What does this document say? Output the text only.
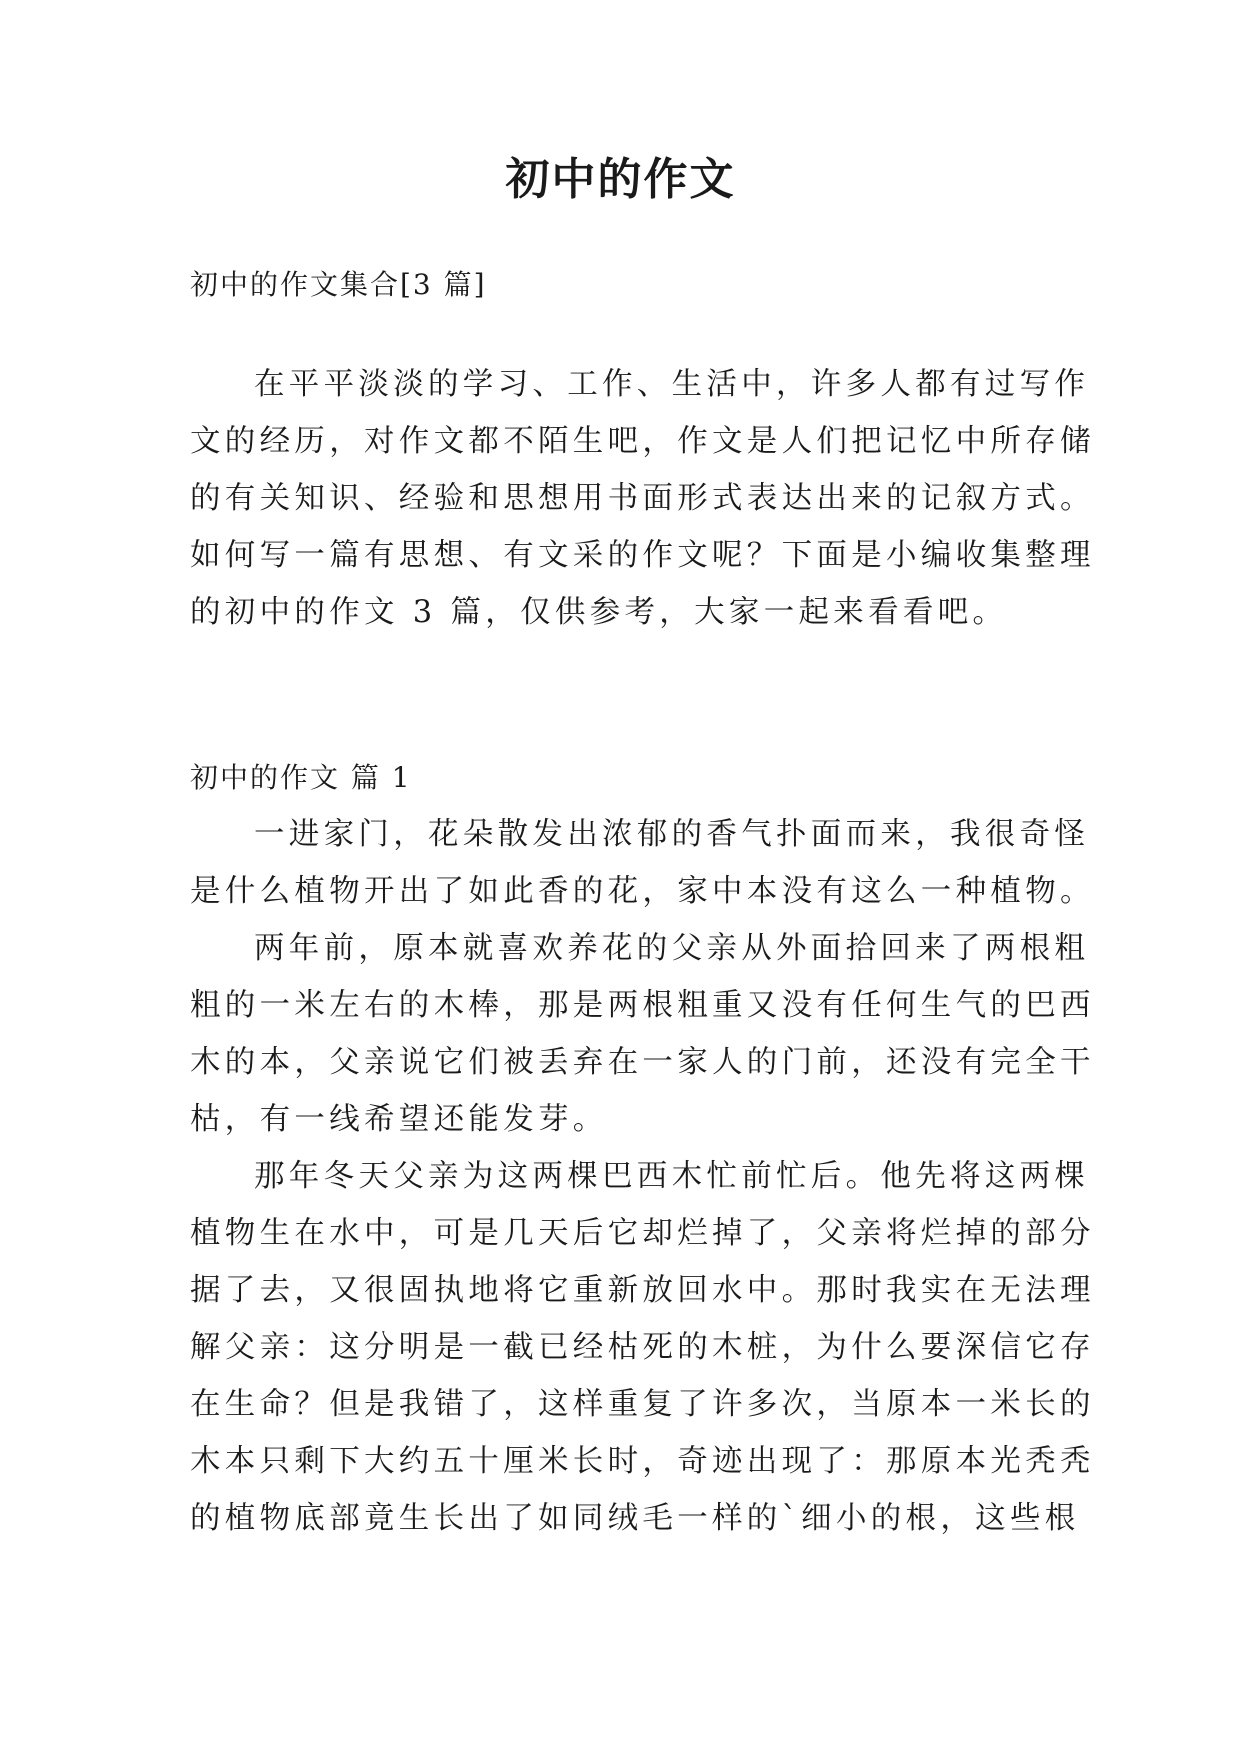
初中的作文
初中的作文集合[3 篇]
在平平淡淡的学习、工作、生活中，许多人都有过写作
文的经历，对作文都不陌生吧，作文是人们把记忆中所存储
的有关知识、经验和思想用书面形式表达出来的记叙方式。
如何写一篇有思想、有文采的作文呢？下面是小编收集整理
的初中的作文 3 篇，仅供参考，大家一起来看看吧。
初中的作文 篇 1
一进家门，花朵散发出浓郁的香气扑面而来，我很奇怪
是什么植物开出了如此香的花，家中本没有这么一种植物。
两年前，原本就喜欢养花的父亲从外面拾回来了两根粗
粗的一米左右的木棒，那是两根粗重又没有任何生气的巴西
木的本，父亲说它们被丢弃在一家人的门前，还没有完全干
枯，有一线希望还能发芽。
那年冬天父亲为这两棵巴西木忙前忙后。他先将这两棵
植物生在水中，可是几天后它却烂掉了，父亲将烂掉的部分
据了去，又很固执地将它重新放回水中。那时我实在无法理
解父亲：这分明是一截已经枯死的木桩，为什么要深信它存
在生命？但是我错了，这样重复了许多次，当原本一米长的
木本只剩下大约五十厘米长时，奇迹出现了：那原本光秃秃
的植物底部竟生长出了如同绒毛一样的`细小的根，这些根
